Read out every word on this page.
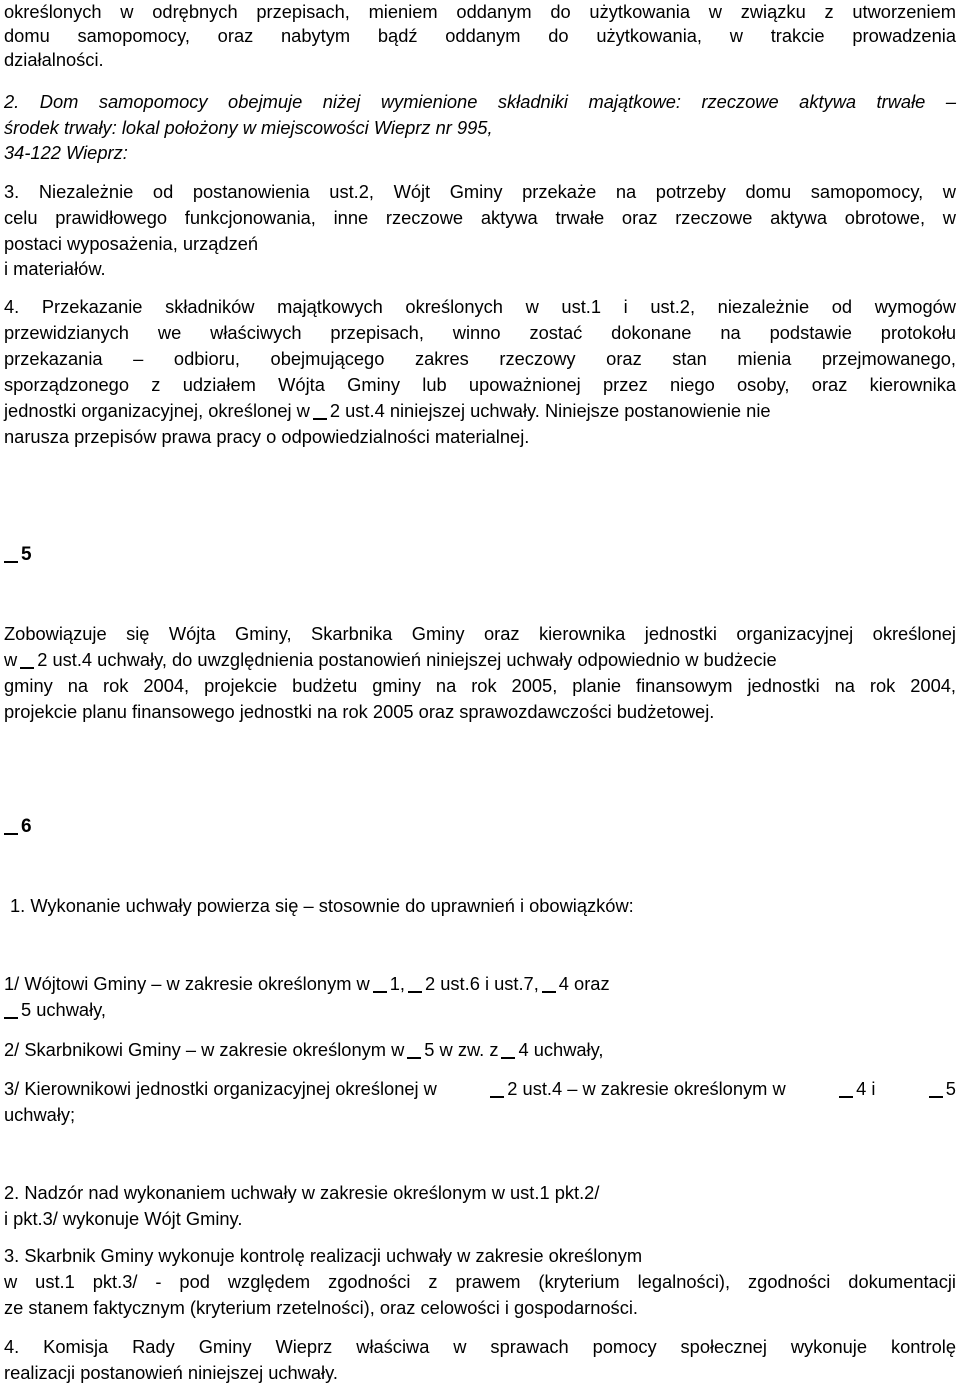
określonych w odrębnych przepisach, mieniem oddanym do użytkowania w związku z utworzeniem
domu samopomocy, oraz nabytym bądź oddanym do użytkowania, w trakcie prowadzenia
działalności.
2. Dom samopomocy obejmuje niżej wymienione składniki majątkowe: rzeczowe aktywa trwałe –
środek trwały: lokal położony w miejscowości Wieprz nr 995,
34-122 Wieprz:
3. Niezależnie od postanowienia ust.2, Wójt Gminy przekaże na potrzeby domu samopomocy, w
celu prawidłowego funkcjonowania, inne rzeczowe aktywa trwałe oraz rzeczowe aktywa obrotowe, w
postaci wyposażenia, urządzeń
i materiałów.
4. Przekazanie składników majątkowych określonych w ust.1 i ust.2, niezależnie od wymogów
przewidzianych we właściwych przepisach, winno zostać dokonane na podstawie protokołu
przekazania – odbioru, obejmującego zakres rzeczowy oraz stan mienia przejmowanego,
sporządzonego z udziałem Wójta Gminy lub upoważnionej przez niego osoby, oraz kierownika
jednostki organizacyjnej, określonej w 2 ust.4 niniejszej uchwały. Niniejsze postanowienie nie
narusza przepisów prawa pracy o odpowiedzialności materialnej.
5
Zobowiązuje się Wójta Gminy, Skarbnika Gminy oraz kierownika jednostki organizacyjnej określonej
w 2 ust.4 uchwały, do uwzględnienia postanowień niniejszej uchwały odpowiednio w budżecie
gminy na rok 2004, projekcie budżetu gminy na rok 2005, planie finansowym jednostki na rok 2004,
projekcie planu finansowego jednostki na rok 2005 oraz sprawozdawczości budżetowej.
6
1. Wykonanie uchwały powierza się – stosownie do uprawnień i obowiązków:
1/ Wójtowi Gminy – w zakresie określonym w 1, 2 ust.6 i ust.7, 4 oraz
5 uchwały,
2/ Skarbnikowi Gminy – w zakresie określonym w 5 w zw. z 4 uchwały,
3/ Kierownikowi jednostki organizacyjnej określonej w	2 ust.4 – w zakresie określonym w	4 i	5
uchwały;
2. Nadzór nad wykonaniem uchwały w zakresie określonym w ust.1 pkt.2/
i pkt.3/ wykonuje Wójt Gminy.
3. Skarbnik Gminy wykonuje kontrolę realizacji uchwały w zakresie określonym
w ust.1 pkt.3/ - pod względem zgodności z prawem (kryterium legalności), zgodności dokumentacji
ze stanem faktycznym (kryterium rzetelności), oraz celowości i gospodarności.
4. Komisja Rady Gminy Wieprz właściwa w sprawach pomocy społecznej wykonuje kontrolę
realizacji postanowień niniejszej uchwały.
